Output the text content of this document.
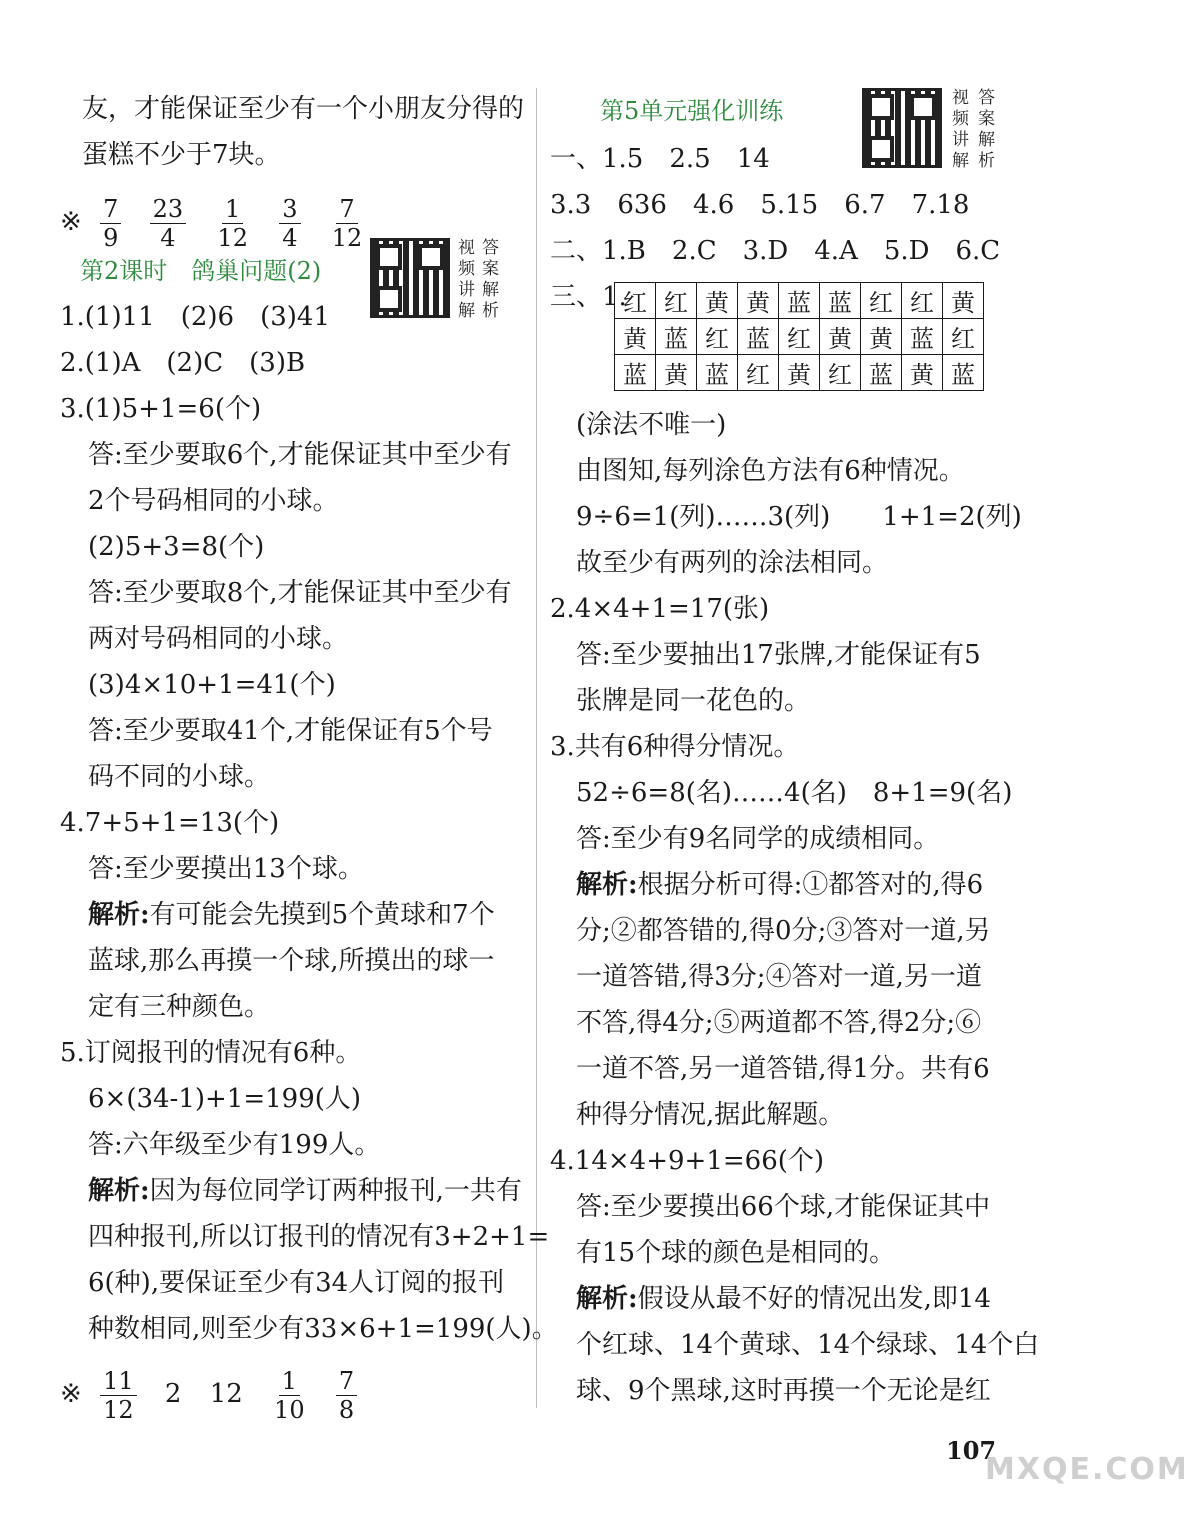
友，才能保证至少有一个小朋友分得的
蛋糕不少于7块。
※ $\frac{7}{9}$
$\frac{23}{4}$
$\frac{1}{12}$
$\frac{3}{4}$
$\frac{7}{12}$
第2课时　鸽巢问题(2)
视频讲解
答案解析
1.(1)11　(2)6　(3)41
2.(1)A　(2)C　(3)B
3.(1)5+1=6(个)
答:至少要取6个,才能保证其中至少有
2个号码相同的小球。
(2)5+3=8(个)
答:至少要取8个,才能保证其中至少有
两对号码相同的小球。
(3)4×10+1=41(个)
答:至少要取41个,才能保证有5个号
码不同的小球。
4.7+5+1=13(个)
答:至少要摸出13个球。
解析:有可能会先摸到5个黄球和7个
蓝球,那么再摸一个球,所摸出的球一
定有三种颜色。
5.订阅报刊的情况有6种。
6×(34-1)+1=199(人)
答:六年级至少有199人。
解析:因为每位同学订两种报刊,一共有
四种报刊,所以订报刊的情况有3+2+1=
6(种),要保证至少有34人订阅的报刊
种数相同,则至少有33×6+1=199(人)。
※ $\frac{11}{12} 2$ $12 \frac{1}{10}$
$\frac{7}{8}$
第5单元强化训练	视频讲解
答案解析
一、1.5　2.5　14
3.3　636　4.6　5.15　6.7　7.18
二、1.B　2.C　3.D　4.A　5.D　6.C
三、1.
红	红	黄	黄	蓝	蓝	红	红	黄
黄	蓝	红	蓝	红	黄	黄	蓝	红
蓝	黄	蓝	红	黄	红	蓝	黄	蓝
(涂法不唯一)
由图知,每列涂色方法有6种情况。
9÷6=1(列)……3(列)　　1+1=2(列)
故至少有两列的涂法相同。
2.4×4+1=17(张)
答:至少要抽出17张牌,才能保证有5
张牌是同一花色的。
3.共有6种得分情况。
52÷6=8(名)……4(名)　8+1=9(名)
答:至少有9名同学的成绩相同。
解析:根据分析可得:①都答对的,得6
分;②都答错的,得0分;③答对一道,另
一道答错,得3分;④答对一道,另一道
不答,得4分;⑤两道都不答,得2分;⑥
一道不答,另一道答错,得1分。共有6
种得分情况,据此解题。
4.14×4+9+1=66(个)
答:至少要摸出66个球,才能保证其中
有15个球的颜色是相同的。
解析:假设从最不好的情况出发,即14
个红球、14个黄球、14个绿球、14个白
球、9个黑球,这时再摸一个无论是红
107
MXQE.COM
